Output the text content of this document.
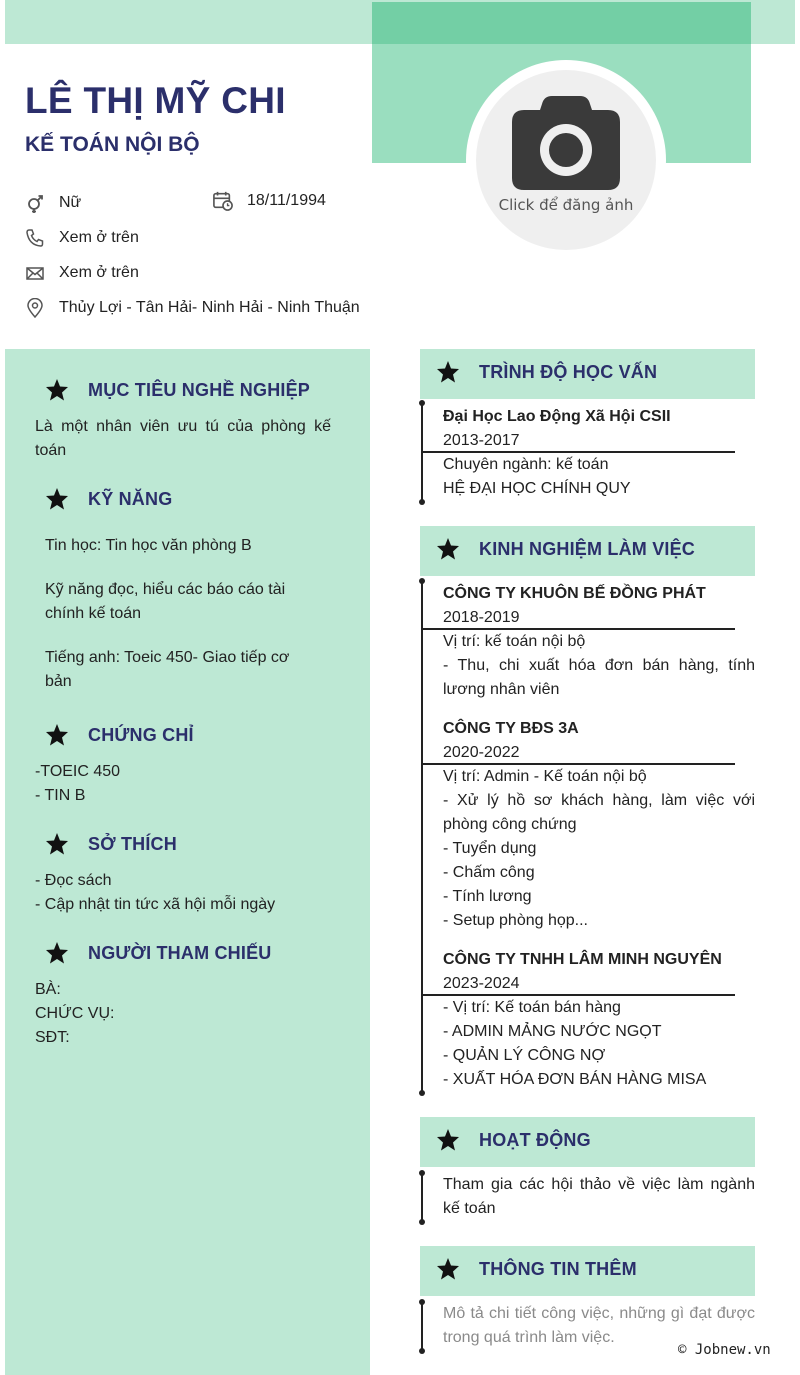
Click để đăng ảnh
LÊ THỊ MỸ CHI
KẾ TOÁN NỘI BỘ
Nữ	18/11/1994
Xem ở trên
Xem ở trên
Thủy Lợi - Tân Hải- Ninh Hải - Ninh Thuận
MỤC TIÊU NGHỀ NGHIỆP
Là một nhân viên ưu tú của phòng kế toán
KỸ NĂNG
Tin học: Tin học văn phòng B
Kỹ năng đọc, hiểu các báo cáo tài chính kế toán
Tiếng anh: Toeic 450- Giao tiếp cơ bản
CHỨNG CHỈ
-TOEIC 450
- TIN B
SỞ THÍCH
- Đọc sách
- Cập nhật tin tức xã hội mỗi ngày
NGƯỜI THAM CHIẾU
BÀ:
CHỨC VỤ:
SĐT:
TRÌNH ĐỘ HỌC VẤN
Đại Học Lao Động Xã Hội CSII
2013-2017
Chuyên ngành: kế toán
HỆ ĐẠI HỌC CHÍNH QUY
KINH NGHIỆM LÀM VIỆC
CÔNG TY KHUÔN BẾ ĐỒNG PHÁT
2018-2019
Vị trí: kế toán nội bộ
- Thu, chi xuất hóa đơn bán hàng, tính lương nhân viên
CÔNG TY BĐS 3A
2020-2022
Vị trí: Admin - Kế toán nội bộ
- Xử lý hồ sơ khách hàng, làm việc với phòng công chứng
- Tuyển dụng
- Chấm công
- Tính lương
- Setup phòng họp...
CÔNG TY TNHH LÂM MINH NGUYÊN
2023-2024
- Vị trí: Kế toán bán hàng
- ADMIN MẢNG NƯỚC NGỌT
- QUẢN LÝ CÔNG NỢ
- XUẤT HÓA ĐƠN BÁN HÀNG MISA
HOẠT ĐỘNG
Tham gia các hội thảo về việc làm ngành kế toán
THÔNG TIN THÊM
Mô tả chi tiết công việc, những gì đạt được trong quá trình làm việc.
© Jobnew.vn
